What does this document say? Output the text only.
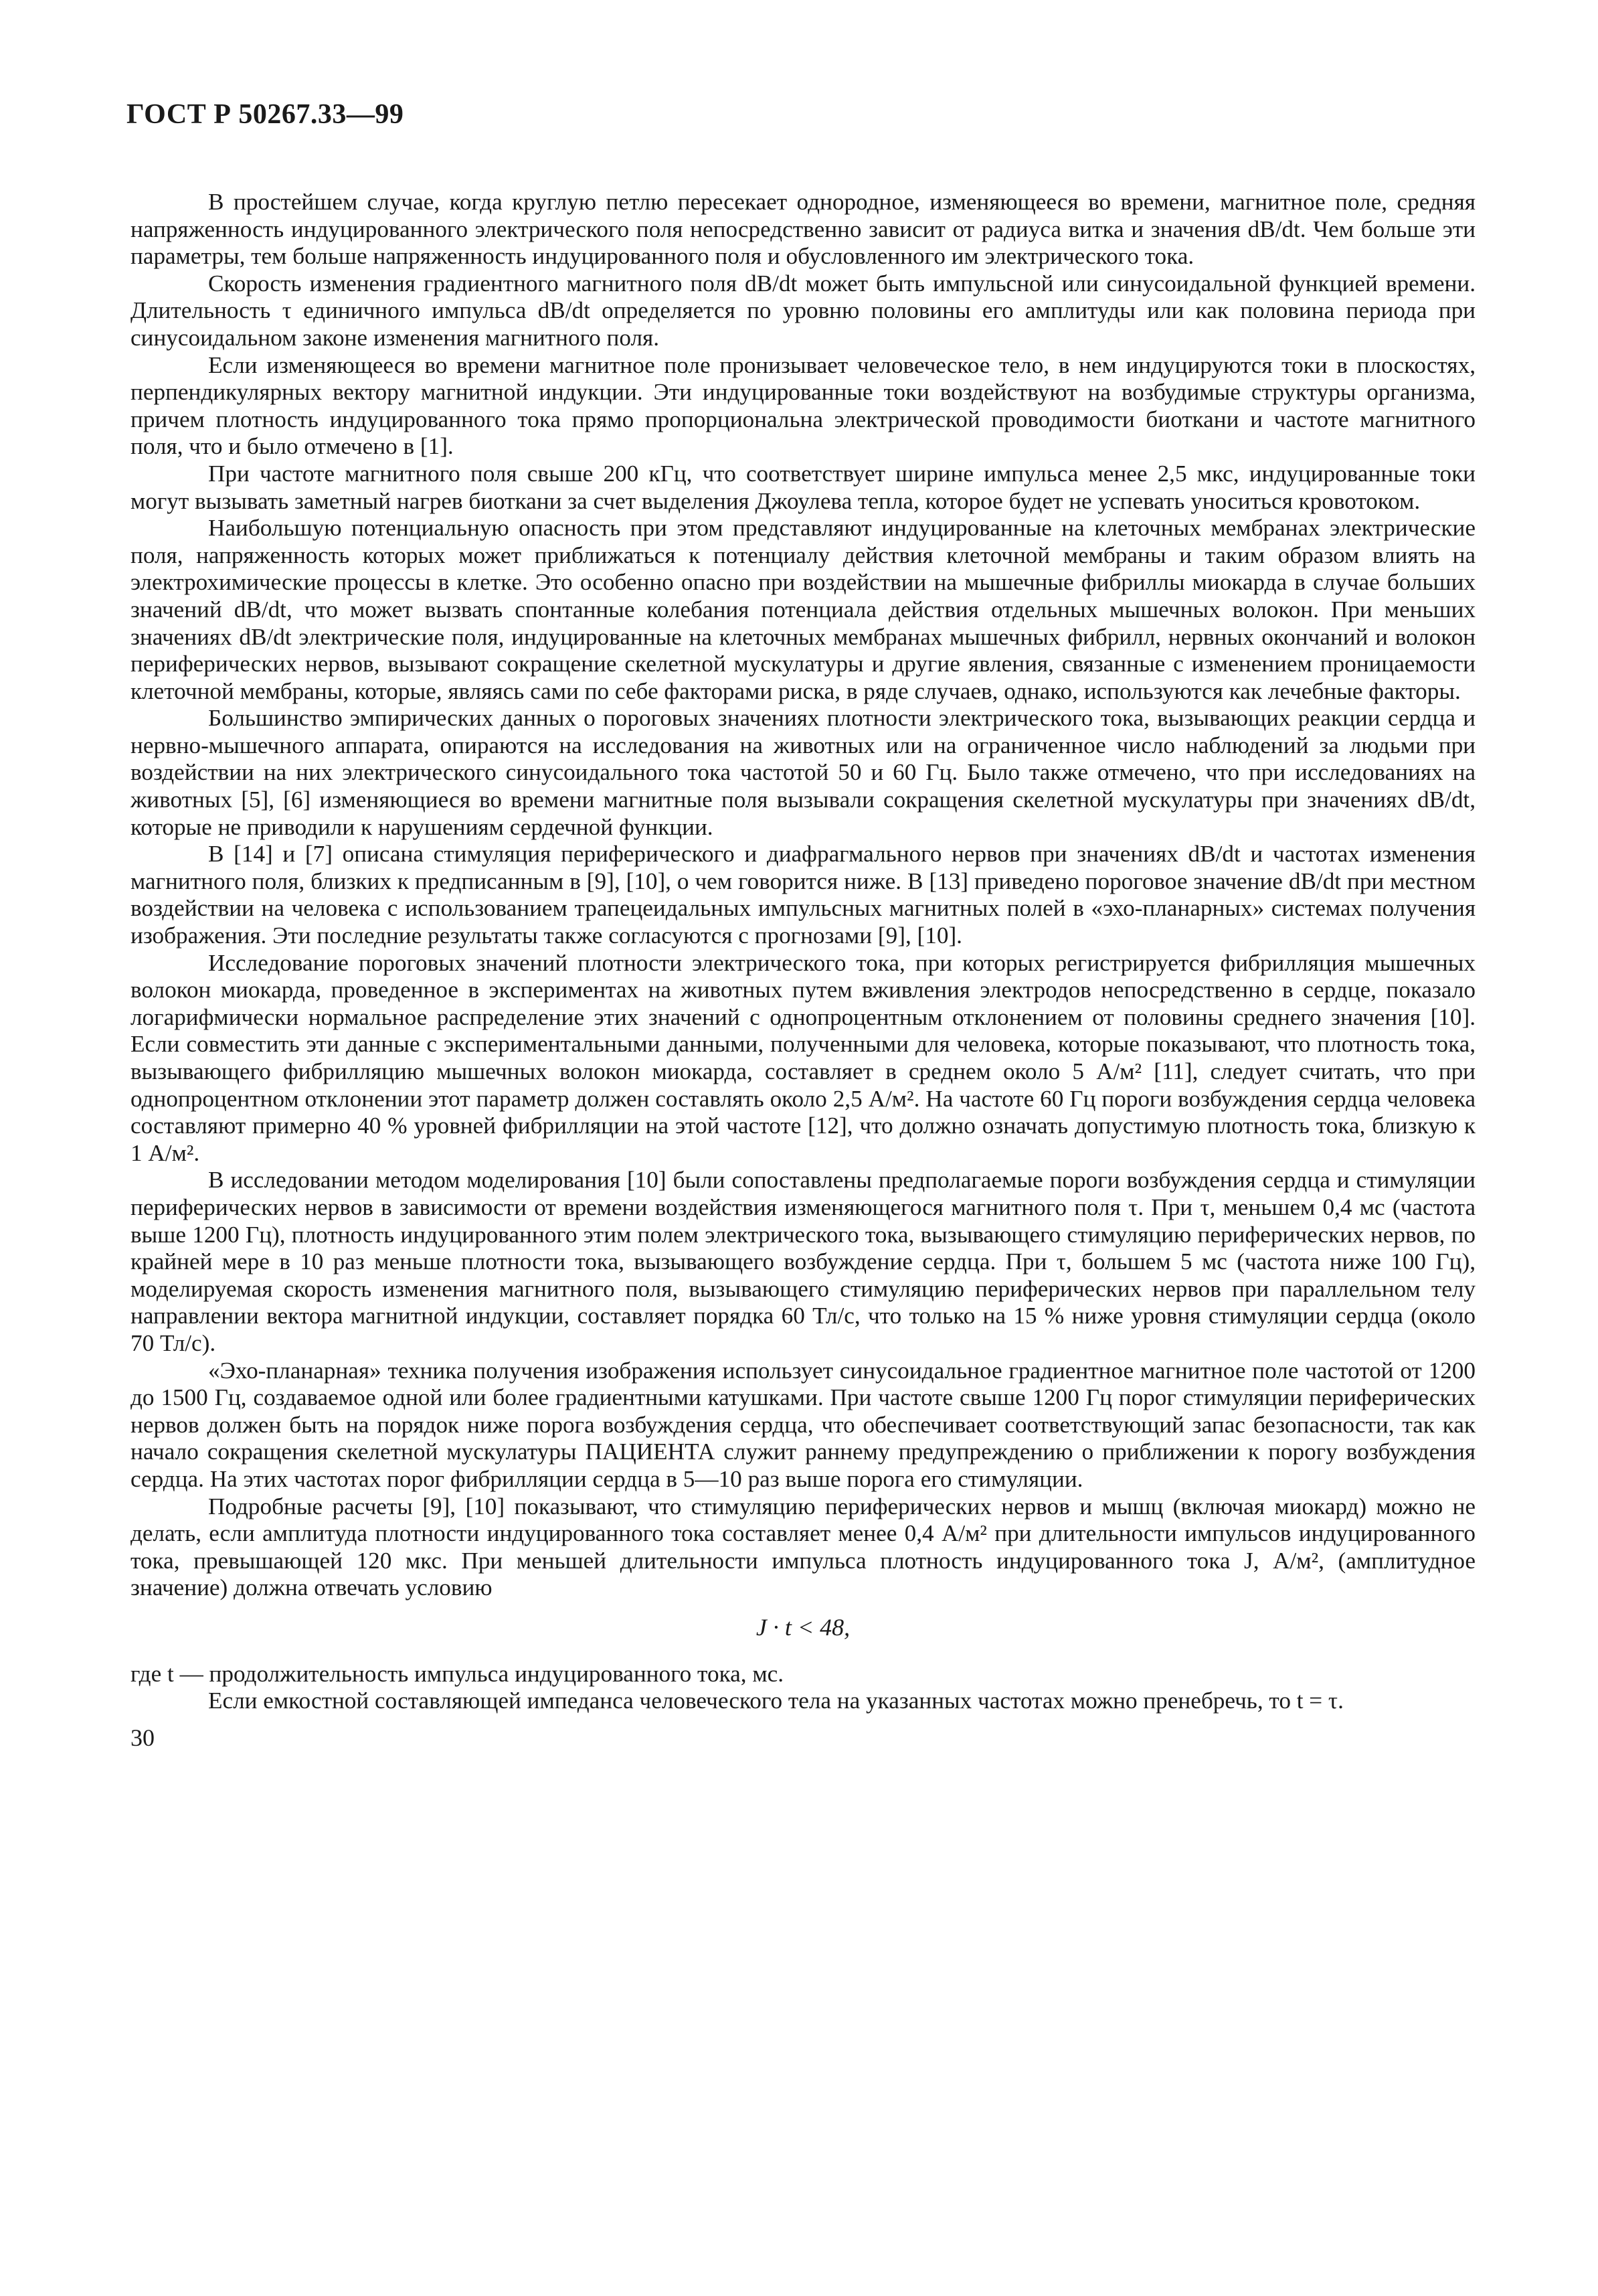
ГОСТ Р 50267.33—99

В простейшем случае, когда круглую петлю пересекает однородное, изменяющееся во времени, магнитное поле, средняя напряженность индуцированного электрического поля непосредственно зависит от радиуса витка и значения dB/dt. Чем больше эти параметры, тем больше напряженность индуцированного поля и обусловленного им электрического тока.

Скорость изменения градиентного магнитного поля dB/dt может быть импульсной или синусоидальной функцией времени. Длительность τ единичного импульса dB/dt определяется по уровню половины его амплитуды или как половина периода при синусоидальном законе изменения магнитного поля.

Если изменяющееся во времени магнитное поле пронизывает человеческое тело, в нем индуцируются токи в плоскостях, перпендикулярных вектору магнитной индукции. Эти индуцированные токи воздействуют на возбудимые структуры организма, причем плотность индуцированного тока прямо пропорциональна электрической проводимости биоткани и частоте магнитного поля, что и было отмечено в [1].

При частоте магнитного поля свыше 200 кГц, что соответствует ширине импульса менее 2,5 мкс, индуцированные токи могут вызывать заметный нагрев биоткани за счет выделения Джоулева тепла, которое будет не успевать уноситься кровотоком.

Наибольшую потенциальную опасность при этом представляют индуцированные на клеточных мембранах электрические поля, напряженность которых может приближаться к потенциалу действия клеточной мембраны и таким образом влиять на электрохимические процессы в клетке. Это особенно опасно при воздействии на мышечные фибриллы миокарда в случае больших значений dB/dt, что может вызвать спонтанные колебания потенциала действия отдельных мышечных волокон. При меньших значениях dB/dt электрические поля, индуцированные на клеточных мембранах мышечных фибрилл, нервных окончаний и волокон периферических нервов, вызывают сокращение скелетной мускулатуры и другие явления, связанные с изменением проницаемости клеточной мембраны, которые, являясь сами по себе факторами риска, в ряде случаев, однако, используются как лечебные факторы.

Большинство эмпирических данных о пороговых значениях плотности электрического тока, вызывающих реакции сердца и нервно-мышечного аппарата, опираются на исследования на животных или на ограниченное число наблюдений за людьми при воздействии на них электрического синусоидального тока частотой 50 и 60 Гц. Было также отмечено, что при исследованиях на животных [5], [6] изменяющиеся во времени магнитные поля вызывали сокращения скелетной мускулатуры при значениях dB/dt, которые не приводили к нарушениям сердечной функции.

В [14] и [7] описана стимуляция периферического и диафрагмального нервов при значениях dB/dt и частотах изменения магнитного поля, близких к предписанным в [9], [10], о чем говорится ниже. В [13] приведено пороговое значение dB/dt при местном воздействии на человека с использованием трапецеидальных импульсных магнитных полей в «эхо-планарных» системах получения изображения. Эти последние результаты также согласуются с прогнозами [9], [10].

Исследование пороговых значений плотности электрического тока, при которых регистрируется фибрилляция мышечных волокон миокарда, проведенное в экспериментах на животных путем вживления электродов непосредственно в сердце, показало логарифмически нормальное распределение этих значений с однопроцентным отклонением от половины среднего значения [10]. Если совместить эти данные с экспериментальными данными, полученными для человека, которые показывают, что плотность тока, вызывающего фибрилляцию мышечных волокон миокарда, составляет в среднем около 5 А/м² [11], следует считать, что при однопроцентном отклонении этот параметр должен составлять около 2,5 А/м². На частоте 60 Гц пороги возбуждения сердца человека составляют примерно 40 % уровней фибрилляции на этой частоте [12], что должно означать допустимую плотность тока, близкую к 1 А/м².

В исследовании методом моделирования [10] были сопоставлены предполагаемые пороги возбуждения сердца и стимуляции периферических нервов в зависимости от времени воздействия изменяющегося магнитного поля τ. При τ, меньшем 0,4 мс (частота выше 1200 Гц), плотность индуцированного этим полем электрического тока, вызывающего стимуляцию периферических нервов, по крайней мере в 10 раз меньше плотности тока, вызывающего возбуждение сердца. При τ, большем 5 мс (частота ниже 100 Гц), моделируемая скорость изменения магнитного поля, вызывающего стимуляцию периферических нервов при параллельном телу направлении вектора магнитной индукции, составляет порядка 60 Тл/с, что только на 15 % ниже уровня стимуляции сердца (около 70 Тл/с).

«Эхо-планарная» техника получения изображения использует синусоидальное градиентное магнитное поле частотой от 1200 до 1500 Гц, создаваемое одной или более градиентными катушками. При частоте свыше 1200 Гц порог стимуляции периферических нервов должен быть на порядок ниже порога возбуждения сердца, что обеспечивает соответствующий запас безопасности, так как начало сокращения скелетной мускулатуры ПАЦИЕНТА служит раннему предупреждению о приближении к порогу возбуждения сердца. На этих частотах порог фибрилляции сердца в 5—10 раз выше порога его стимуляции.

Подробные расчеты [9], [10] показывают, что стимуляцию периферических нервов и мышц (включая миокард) можно не делать, если амплитуда плотности индуцированного тока составляет менее 0,4 А/м² при длительности импульсов индуцированного тока, превышающей 120 мкс. При меньшей длительности импульса плотность индуцированного тока J, А/м², (амплитудное значение) должна отвечать условию

J · t < 48,

где t — продолжительность импульса индуцированного тока, мс.

Если емкостной составляющей импеданса человеческого тела на указанных частотах можно пренебречь, то t = τ.

30
